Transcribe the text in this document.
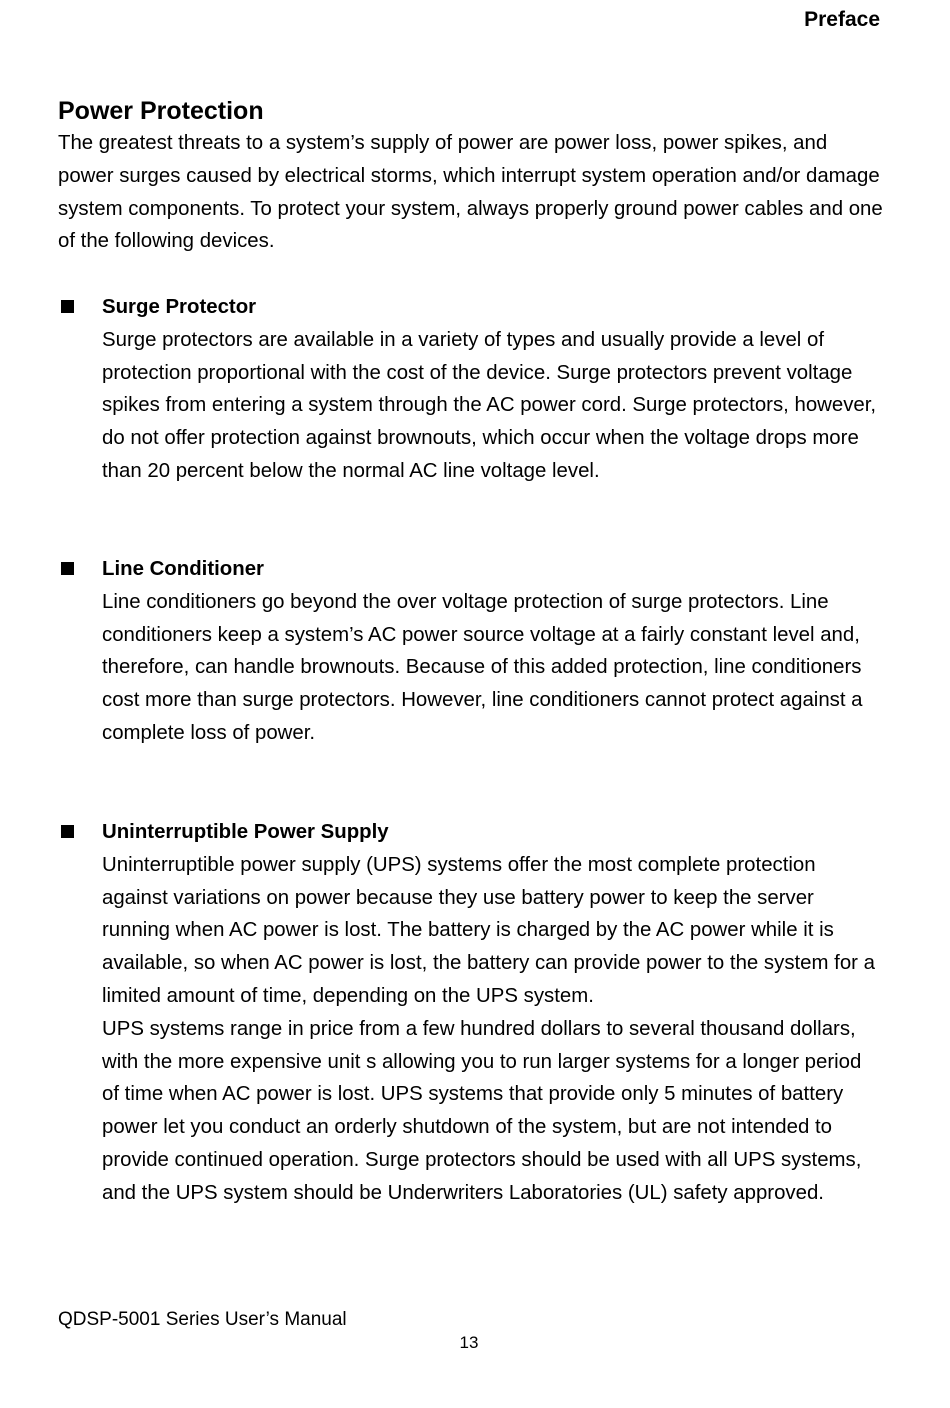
Preface
Power Protection

The greatest threats to a system’s supply of power are power loss, power spikes, and power surges caused by electrical storms, which interrupt system operation and/or damage system components. To protect your system, always properly ground power cables and one of the following devices.

Surge Protector

Surge protectors are available in a variety of types and usually provide a level of protection proportional with the cost of the device. Surge protectors prevent voltage spikes from entering a system through the AC power cord. Surge protectors, however, do not offer protection against brownouts, which occur when the voltage drops more than 20 percent below the normal AC line voltage level.

Line Conditioner

Line conditioners go beyond the over voltage protection of surge protectors. Line conditioners keep a system’s AC power source voltage at a fairly constant level and, therefore, can handle brownouts. Because of this added protection, line conditioners cost more than surge protectors. However, line conditioners cannot protect against a complete loss of power.

Uninterruptible Power Supply

Uninterruptible power supply (UPS) systems offer the most complete protection against variations on power because they use battery power to keep the server running when AC power is lost. The battery is charged by the AC power while it is available, so when AC power is lost, the battery can provide power to the system for a limited amount of time, depending on the UPS system.

UPS systems range in price from a few hundred dollars to several thousand dollars, with the more expensive unit s allowing you to run larger systems for a longer period of time when AC power is lost. UPS systems that provide only 5 minutes of battery power let you conduct an orderly shutdown of the system, but are not intended to provide continued operation. Surge protectors should be used with all UPS systems, and the UPS system should be Underwriters Laboratories (UL) safety approved.

QDSP-5001 Series User’s Manual
13
